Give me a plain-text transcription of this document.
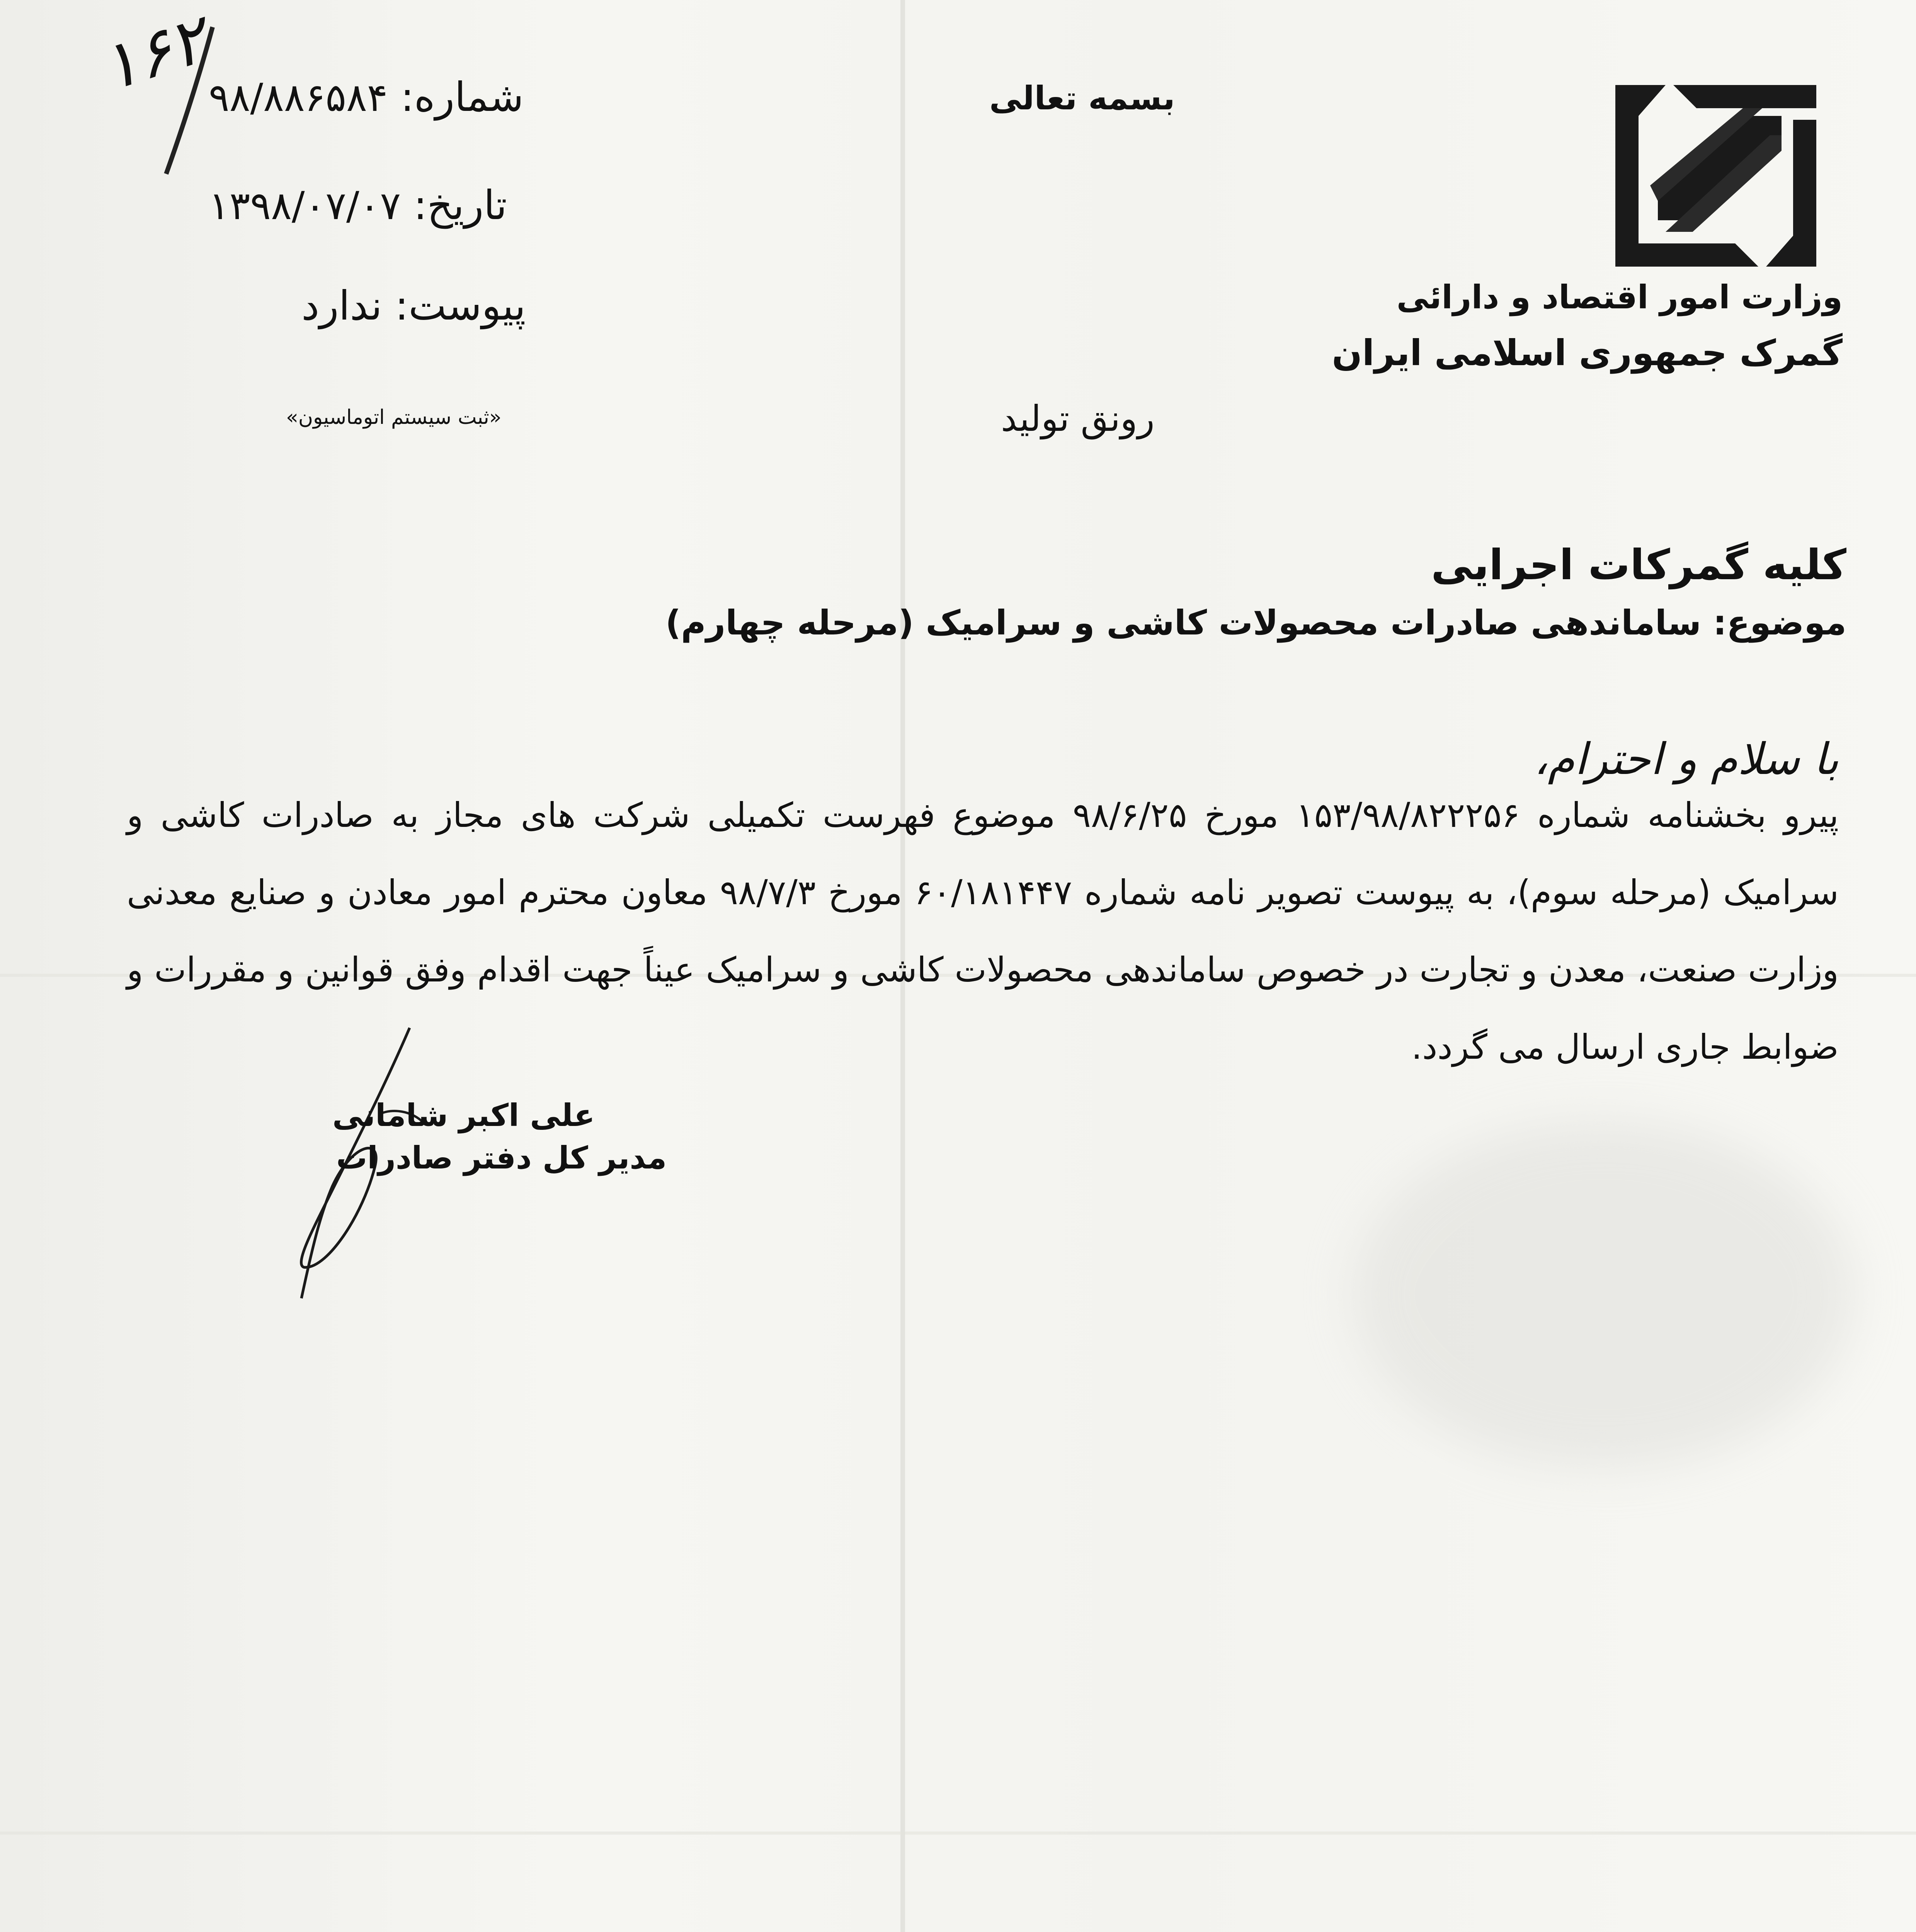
وزارت امور اقتصاد و دارائی
گمرک جمهوری اسلامی ایران
بسمه تعالی
رونق تولید
۱۶۲	شماره: ۹۸/۸۸۶۵۸۴
تاریخ: ۱۳۹۸/۰۷/۰۷
پیوست: ندارد
«ثبت سیستم اتوماسیون»
کلیه گمرکات اجرایی
موضوع: ساماندهی صادرات محصولات کاشی و سرامیک (مرحله چهارم)
با سلام و احترام،
پیرو بخشنامه شماره ۱۵۳/۹۸/۸۲۲۲۵۶ مورخ ۹۸/۶/۲۵ موضوع فهرست تکمیلی شرکت های مجاز به صادرات کاشی و سرامیک (مرحله سوم)، به پیوست تصویر نامه شماره ۶۰/۱۸۱۴۴۷ مورخ ۹۸/۷/۳ معاون محترم امور معادن و صنایع معدنی وزارت صنعت، معدن و تجارت در خصوص ساماندهی محصولات کاشی و سرامیک عیناً جهت اقدام وفق قوانین و مقررات و ضوابط جاری ارسال می گردد.
علی اکبر شامانی
مدیر کل دفتر صادرات
